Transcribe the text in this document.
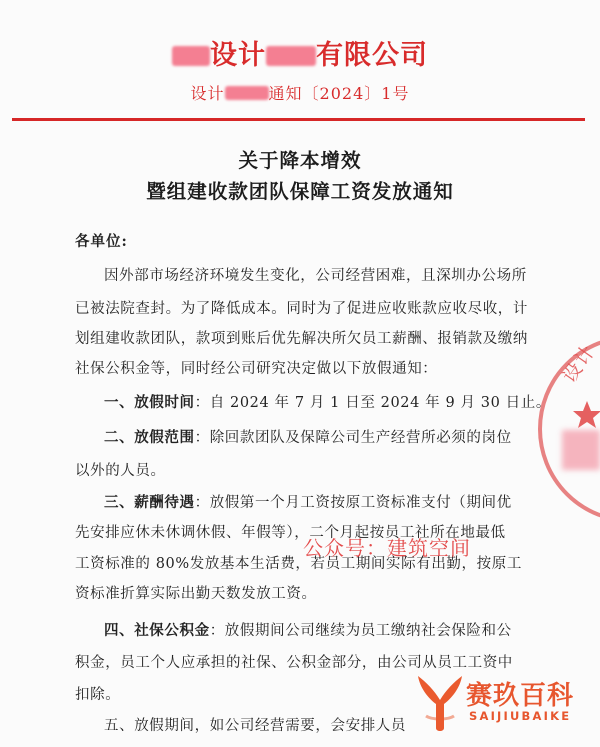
设计 有限公司
设计	通知〔2024〕1号
关于降本增效
暨组建收款团队保障工资发放通知
各单位:
因外部市场经济环境发生变化，公司经营困难，且深圳办公场所
已被法院查封。为了降低成本。同时为了促进应收账款应收尽收，计
划组建收款团队，款项到账后优先解决所欠员工薪酬、报销款及缴纳
社保公积金等，同时经公司研究决定做以下放假通知：
一、放假时间：自 2024 年 7 月 1 日至 2024 年 9 月 30 日止。
二、放假范围：除回款团队及保障公司生产经营所必须的岗位
以外的人员。
三、薪酬待遇：放假第一个月工资按原工资标准支付（期间优
先安排应休未休调休假、年假等），二个月起按员工社所在地最低
工资标准的 80%发放基本生活费，若员工期间实际有出勤，按原工
资标准折算实际出勤天数发放工资。
四、社保公积金：放假期间公司继续为员工缴纳社会保险和公
积金，员工个人应承担的社保、公积金部分，由公司从员工工资中
扣除。
五、放假期间，如公司经营需要，会安排人员
设计
公众号：建筑空间
赛玖百科
SAIJIUBAIKE
